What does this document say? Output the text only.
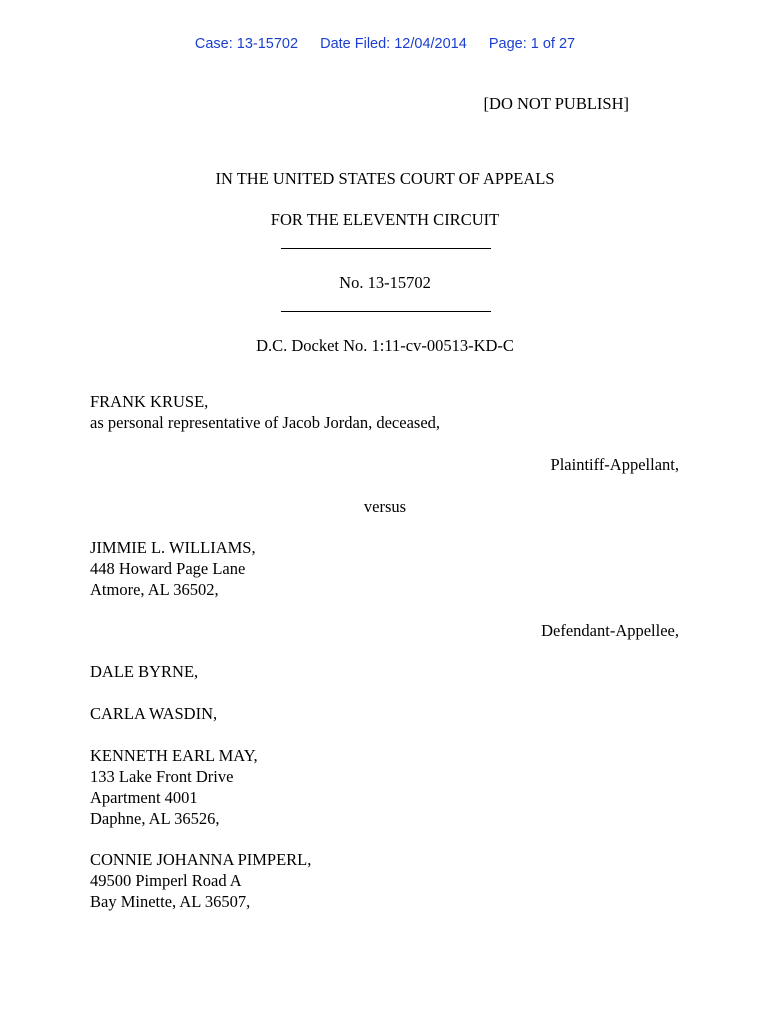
Case: 13-15702 Date Filed: 12/04/2014 Page: 1 of 27
[DO NOT PUBLISH]
IN THE UNITED STATES COURT OF APPEALS
FOR THE ELEVENTH CIRCUIT
No. 13-15702
D.C. Docket No. 1:11-cv-00513-KD-C
FRANK KRUSE,
as personal representative of Jacob Jordan, deceased,
Plaintiff-Appellant,
versus
JIMMIE L. WILLIAMS,
448 Howard Page Lane
Atmore, AL 36502,
Defendant-Appellee,
DALE BYRNE,
CARLA WASDIN,
KENNETH EARL MAY,
133 Lake Front Drive
Apartment 4001
Daphne, AL 36526,
CONNIE JOHANNA PIMPERL,
49500 Pimperl Road A
Bay Minette, AL 36507,
